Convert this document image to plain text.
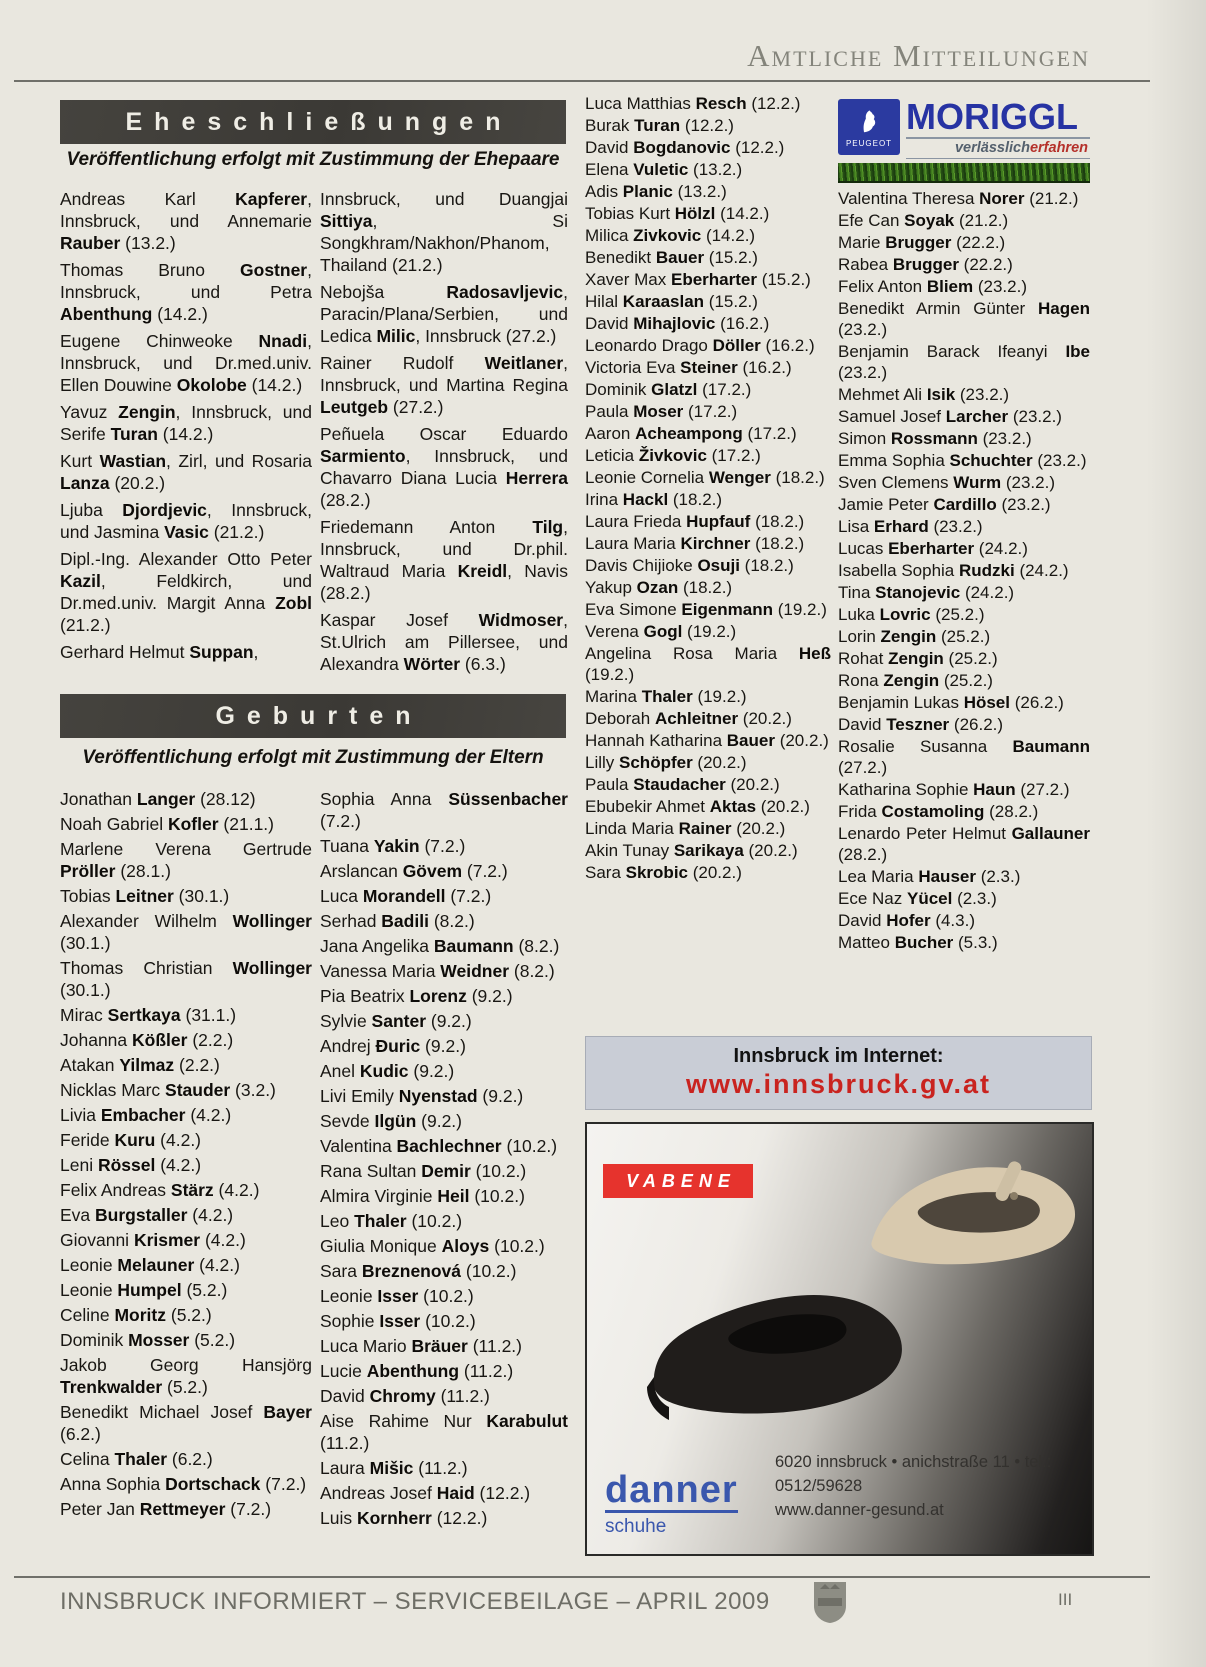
Amtliche Mitteilungen
Eheschließungen
Veröffentlichung erfolgt mit Zustimmung der Ehepaare
Andreas Karl Kapferer, Innsbruck, und Annemarie Rauber (13.2.)
Thomas Bruno Gostner, Innsbruck, und Petra Abenthung (14.2.)
Eugene Chinweoke Nnadi, Innsbruck, und Dr.med.univ. Ellen Douwine Okolobe (14.2.)
Yavuz Zengin, Innsbruck, und Serife Turan (14.2.)
Kurt Wastian, Zirl, und Rosaria Lanza (20.2.)
Ljuba Djordjevic, Innsbruck, und Jasmina Vasic (21.2.)
Dipl.-Ing. Alexander Otto Peter Kazil, Feldkirch, und Dr.med.univ. Margit Anna Zobl (21.2.)
Gerhard Helmut Suppan,
Innsbruck, und Duangjai Sittiya, Si Songkhram/Nakhon/Phanom, Thailand (21.2.)
Nebojša Radosavljevic, Paracin/Plana/Serbien, und Ledica Milic, Innsbruck (27.2.)
Rainer Rudolf Weitlaner, Innsbruck, und Martina Regina Leutgeb (27.2.)
Peñuela Oscar Eduardo Sarmiento, Innsbruck, und Chavarro Diana Lucia Herrera (28.2.)
Friedemann Anton Tilg, Innsbruck, und Dr.phil. Waltraud Maria Kreidl, Navis (28.2.)
Kaspar Josef Widmoser, St.Ulrich am Pillersee, und Alexandra Wörter (6.3.)
Geburten
Veröffentlichung erfolgt mit Zustimmung der Eltern
Jonathan Langer (28.12)
Noah Gabriel Kofler (21.1.)
Marlene Verena Gertrude Pröller (28.1.)
Tobias Leitner (30.1.)
Alexander Wilhelm Wollinger (30.1.)
Thomas Christian Wollinger (30.1.)
Mirac Sertkaya (31.1.)
Johanna Kößler (2.2.)
Atakan Yilmaz (2.2.)
Nicklas Marc Stauder (3.2.)
Livia Embacher (4.2.)
Feride Kuru (4.2.)
Leni Rössel (4.2.)
Felix Andreas Stärz (4.2.)
Eva Burgstaller (4.2.)
Giovanni Krismer (4.2.)
Leonie Melauner (4.2.)
Leonie Humpel (5.2.)
Celine Moritz (5.2.)
Dominik Mosser (5.2.)
Jakob Georg Hansjörg Trenkwalder (5.2.)
Benedikt Michael Josef Bayer (6.2.)
Celina Thaler (6.2.)
Anna Sophia Dortschack (7.2.)
Peter Jan Rettmeyer (7.2.)
Sophia Anna Süssenbacher (7.2.)
Tuana Yakin (7.2.)
Arslancan Gövem (7.2.)
Luca Morandell (7.2.)
Serhad Badili (8.2.)
Jana Angelika Baumann (8.2.)
Vanessa Maria Weidner (8.2.)
Pia Beatrix Lorenz (9.2.)
Sylvie Santer (9.2.)
Andrej Đuric (9.2.)
Anel Kudic (9.2.)
Livi Emily Nyenstad (9.2.)
Sevde Ilgün (9.2.)
Valentina Bachlechner (10.2.)
Rana Sultan Demir (10.2.)
Almira Virginie Heil (10.2.)
Leo Thaler (10.2.)
Giulia Monique Aloys (10.2.)
Sara Breznenová (10.2.)
Leonie Isser (10.2.)
Sophie Isser (10.2.)
Luca Mario Bräuer (11.2.)
Lucie Abenthung (11.2.)
David Chromy (11.2.)
Aise Rahime Nur Karabulut (11.2.)
Laura Mišic (11.2.)
Andreas Josef Haid (12.2.)
Luis Kornherr (12.2.)
Luca Matthias Resch (12.2.)
Burak Turan (12.2.)
David Bogdanovic (12.2.)
Elena Vuletic (13.2.)
Adis Planic (13.2.)
Tobias Kurt Hölzl (14.2.)
Milica Zivkovic (14.2.)
Benedikt Bauer (15.2.)
Xaver Max Eberharter (15.2.)
Hilal Karaaslan (15.2.)
David Mihajlovic (16.2.)
Leonardo Drago Döller (16.2.)
Victoria Eva Steiner (16.2.)
Dominik Glatzl (17.2.)
Paula Moser (17.2.)
Aaron Acheampong (17.2.)
Leticia Živkovic (17.2.)
Leonie Cornelia Wenger (18.2.)
Irina Hackl (18.2.)
Laura Frieda Hupfauf (18.2.)
Laura Maria Kirchner (18.2.)
Davis Chijioke Osuji (18.2.)
Yakup Ozan (18.2.)
Eva Simone Eigenmann (19.2.)
Verena Gogl (19.2.)
Angelina Rosa Maria Heß (19.2.)
Marina Thaler (19.2.)
Deborah Achleitner (20.2.)
Hannah Katharina Bauer (20.2.)
Lilly Schöpfer (20.2.)
Paula Staudacher (20.2.)
Ebubekir Ahmet Aktas (20.2.)
Linda Maria Rainer (20.2.)
Akin Tunay Sarikaya (20.2.)
Sara Skrobic (20.2.)
Valentina Theresa Norer (21.2.)
Efe Can Soyak (21.2.)
Marie Brugger (22.2.)
Rabea Brugger (22.2.)
Felix Anton Bliem (23.2.)
Benedikt Armin Günter Hagen (23.2.)
Benjamin Barack Ifeanyi Ibe (23.2.)
Mehmet Ali Isik (23.2.)
Samuel Josef Larcher (23.2.)
Simon Rossmann (23.2.)
Emma Sophia Schuchter (23.2.)
Sven Clemens Wurm (23.2.)
Jamie Peter Cardillo (23.2.)
Lisa Erhard (23.2.)
Lucas Eberharter (24.2.)
Isabella Sophia Rudzki (24.2.)
Tina Stanojevic (24.2.)
Luka Lovric (25.2.)
Lorin Zengin (25.2.)
Rohat Zengin (25.2.)
Rona Zengin (25.2.)
Benjamin Lukas Hösel (26.2.)
David Teszner (26.2.)
Rosalie Susanna Baumann (27.2.)
Katharina Sophie Haun (27.2.)
Frida Costamoling (28.2.)
Lenardo Peter Helmut Gallauner (28.2.)
Lea Maria Hauser (2.3.)
Ece Naz Yücel (2.3.)
David Hofer (4.3.)
Matteo Bucher (5.3.)
PEUGEOT
MORIGGL
verlässlicherfahren
Innsbruck im Internet:
www.innsbruck.gv.at
VABENE
danner
schuhe
6020 innsbruck • anichstraße 11 • tel.: 0512/59628
www.danner-gesund.at
INNSBRUCK INFORMIERT – SERVICEBEILAGE – APRIL 2009	III
